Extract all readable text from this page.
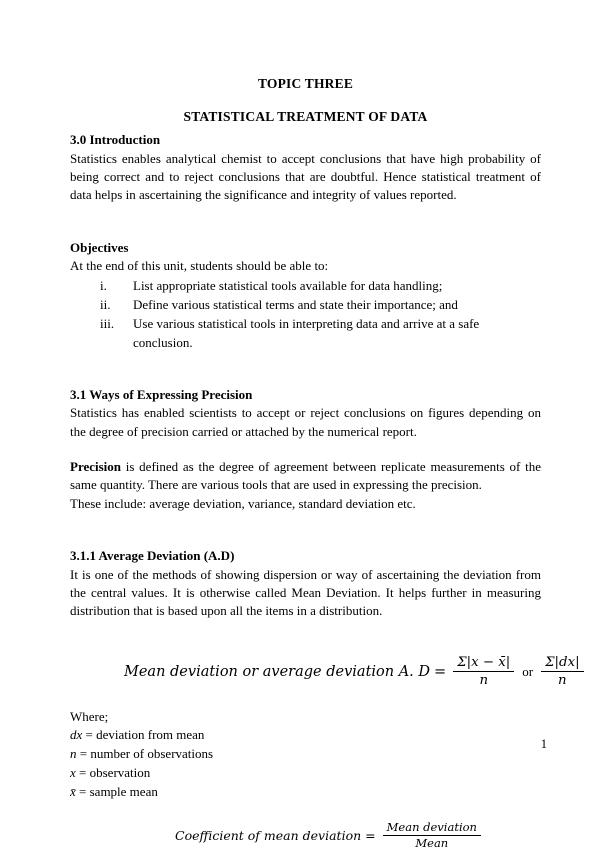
TOPIC THREE
STATISTICAL TREATMENT OF DATA
3.0 Introduction

Statistics enables analytical chemist to accept conclusions that have high probability of being correct and to reject conclusions that are doubtful. Hence statistical treatment of data helps in ascertaining the significance and integrity of values reported.

Objectives

At the end of this unit, students should be able to:

i.	List appropriate statistical tools available for data handling;
ii.	Define various statistical terms and state their importance; and
iii.	Use various statistical tools in interpreting data and arrive at a safe conclusion.
3.1 Ways of Expressing Precision

Statistics has enabled scientists to accept or reject conclusions on figures depending on the degree of precision carried or attached by the numerical report.

Precision is defined as the degree of agreement between replicate measurements of the same quantity. There are various tools that are used in expressing the precision.

These include: average deviation, variance, standard deviation etc.

3.1.1 Average Deviation (A.D)

It is one of the methods of showing dispersion or way of ascertaining the deviation from the central values. It is otherwise called Mean Deviation. It helps further in measuring distribution that is based upon all the items in a distribution.

Mean deviation or average deviation A. $D = \frac{\Sigma|x - x̄|}{n}$ or $\frac{\Sigma|dx|}{n}$

Where;

dx = deviation from mean

n = number of observations

x = observation

x̄ = sample mean

Coefficient of mean deviation = $\frac{\text{Mean deviation}}{\text{Mean}}$
1
